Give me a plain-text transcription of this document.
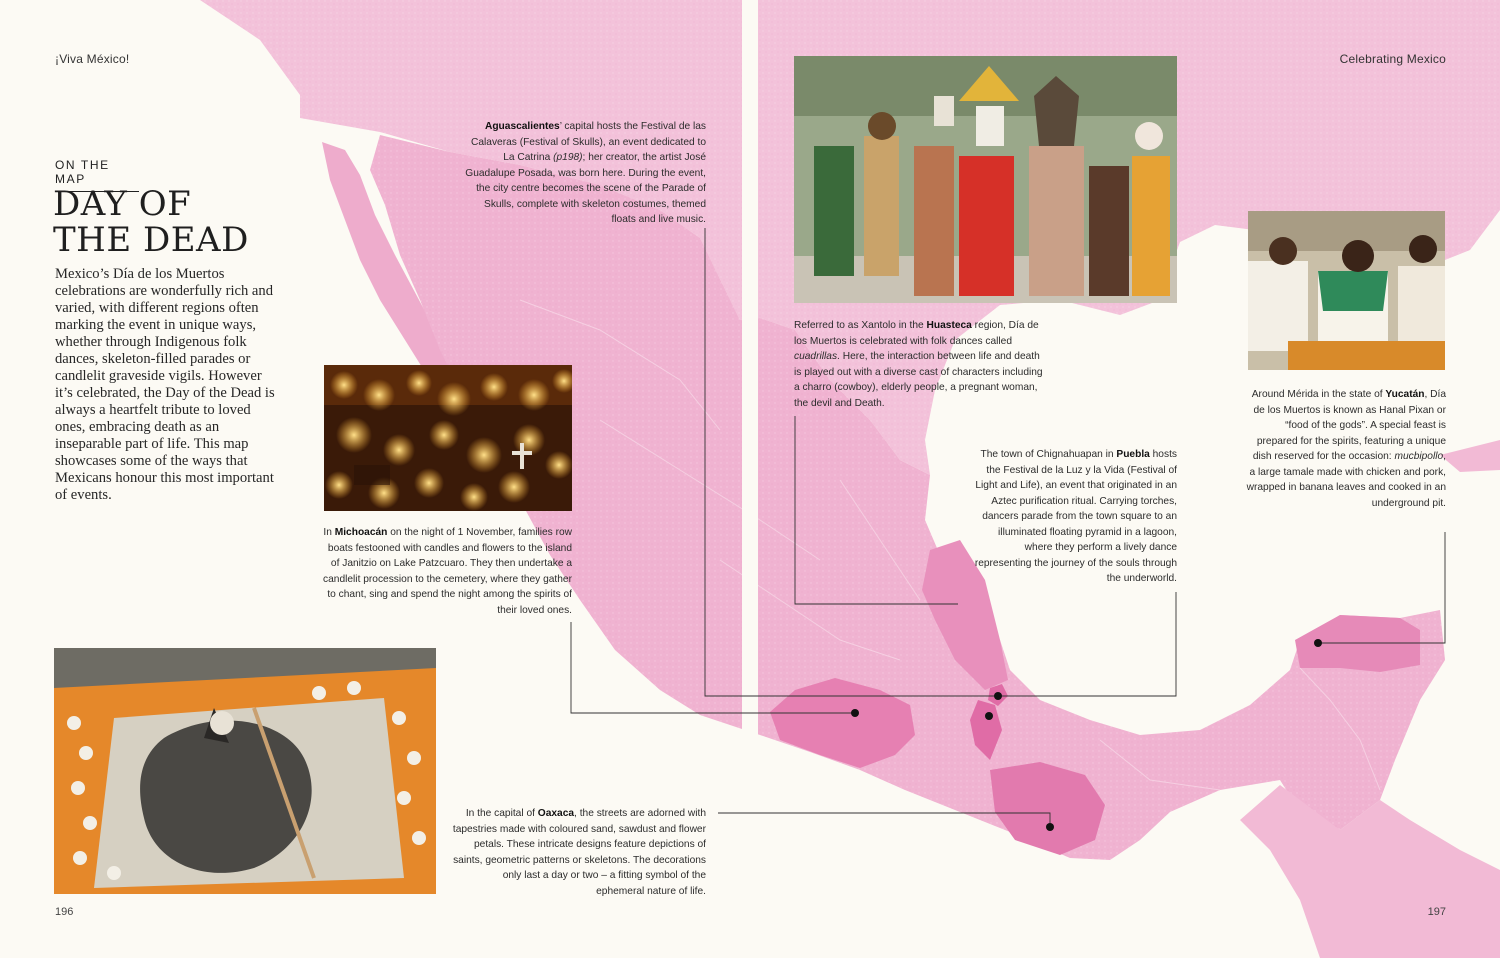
¡Viva México!	Celebrating Mexico
196	197
ON THE MAP
DAY OF
THE DEAD

Mexico’s Día de los Muertos celebrations are wonderfully rich and varied, with different regions often marking the event in unique ways, whether through Indigenous folk dances, skeleton-filled parades or candlelit graveside vigils. However it’s celebrated, the Day of the Dead is always a heartfelt tribute to loved ones, embracing death as an inseparable part of life. This map showcases some of the ways that Mexicans honour this most important of events.

Aguascalientes’ capital hosts the Festival de las Calaveras (Festival of Skulls), an event dedicated to La Catrina (p198); her creator, the artist José Guadalupe Posada, was born here. During the event, the city centre becomes the scene of the Parade of Skulls, complete with skeleton costumes, themed floats and live music.
In Michoacán on the night of 1 November, families row boats festooned with candles and flowers to the island of Janitzio on Lake Patzcuaro. They then undertake a candlelit procession to the cemetery, where they gather to chant, sing and spend the night among the spirits of their loved ones.
Referred to as Xantolo in the Huasteca region, Día de los Muertos is celebrated with folk dances called cuadrillas. Here, the interaction between life and death is played out with a diverse cast of characters including a charro (cowboy), elderly people, a pregnant woman, the devil and Death.
The town of Chignahuapan in Puebla hosts the Festival de la Luz y la Vida (Festival of Light and Life), an event that originated in an Aztec purification ritual. Carrying torches, dancers parade from the town square to an illuminated floating pyramid in a lagoon, where they perform a lively dance representing the journey of the souls through the underworld.
Around Mérida in the state of Yucatán, Día de los Muertos is known as Hanal Pixan or “food of the gods”. A special feast is prepared for the spirits, featuring a unique dish reserved for the occasion: mucbipollo, a large tamale made with chicken and pork, wrapped in banana leaves and cooked in an underground pit.
In the capital of Oaxaca, the streets are adorned with tapestries made with coloured sand, sawdust and flower petals. These intricate designs feature depictions of saints, geometric patterns or skeletons. The decorations only last a day or two – a fitting symbol of the ephemeral nature of life.
